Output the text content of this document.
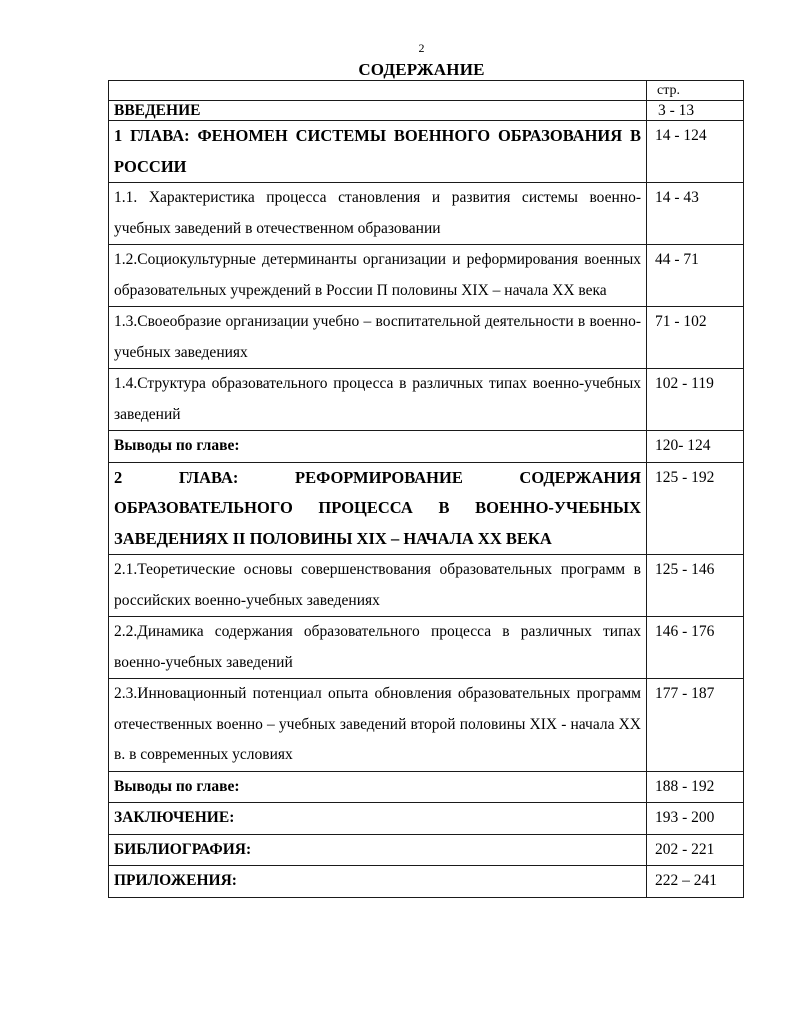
2
СОДЕРЖАНИЕ
	стр.
ВВЕДЕНИЕ	3 - 13

1 ГЛАВА: ФЕНОМЕН СИСТЕМЫ ВОЕННОГО ОБРАЗОВАНИЯ В РОССИИ	14 - 124
1.1. Характеристика процесса становления и развития системы военно-учебных заведений в отечественном образовании	14 - 43
1.2.Социокультурные детерминанты организации и реформирования военных образовательных учреждений в России П половины XIX – начала XX века	44 - 71
1.3.Своеобразие организации учебно – воспитательной деятельности в военно-учебных заведениях	71 - 102
1.4.Структура образовательного процесса в различных типах военно-учебных заведений	102 - 119
Выводы по главе:	120- 124

2 ГЛАВА: РЕФОРМИРОВАНИЕ СОДЕРЖАНИЯ ОБРАЗОВАТЕЛЬНОГО ПРОЦЕССА В ВОЕННО-УЧЕБНЫХ ЗАВЕДЕНИЯХ II ПОЛОВИНЫ XIX – НАЧАЛА XX ВЕКА	125 - 192
2.1.Теоретические основы совершенствования образовательных программ в российских военно-учебных заведениях	125 - 146
2.2.Динамика содержания образовательного процесса в различных типах военно-учебных заведений	146 - 176
2.3.Инновационный потенциал опыта обновления образовательных программ отечественных военно – учебных заведений второй половины XIX - начала XX в. в современных условиях	177 - 187
Выводы по главе:	188 - 192
ЗАКЛЮЧЕНИЕ:	193 - 200
БИБЛИОГРАФИЯ:	202 - 221
ПРИЛОЖЕНИЯ:	222 – 241
